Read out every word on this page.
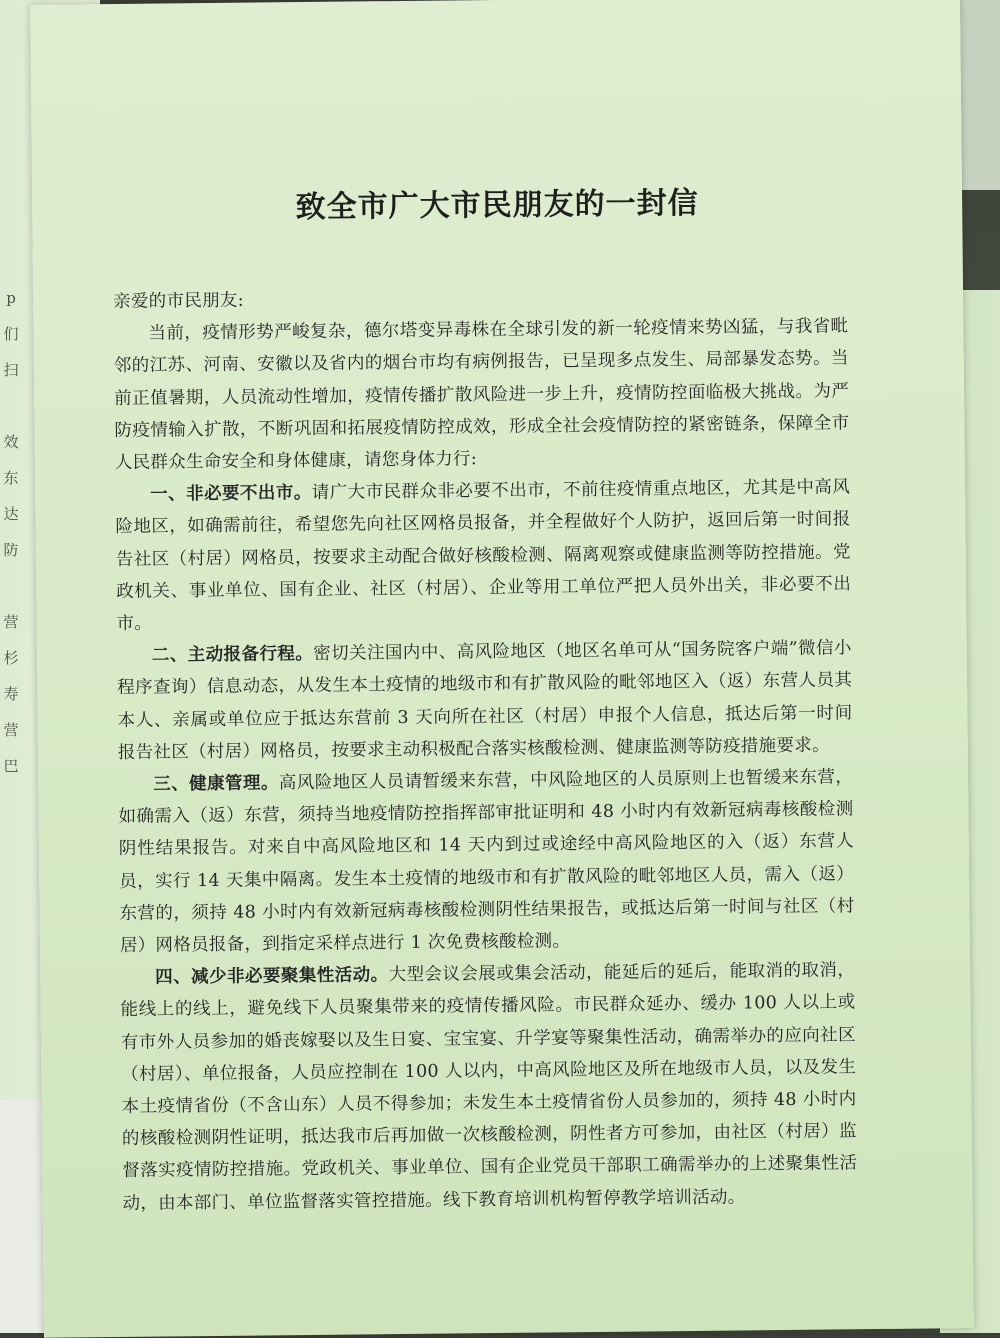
p
们
扫
效
东
达
防
营
杉
寿
营
巴
致全市广大市民朋友的一封信

亲爱的市民朋友:

当前，疫情形势严峻复杂，德尔塔变异毒株在全球引发的新一轮疫情来势凶猛，与我省毗邻的江苏、河南、安徽以及省内的烟台市均有病例报告，已呈现多点发生、局部暴发态势。当前正值暑期，人员流动性增加，疫情传播扩散风险进一步上升，疫情防控面临极大挑战。为严防疫情输入扩散，不断巩固和拓展疫情防控成效，形成全社会疫情防控的紧密链条，保障全市人民群众生命安全和身体健康，请您身体力行:

一、非必要不出市。请广大市民群众非必要不出市，不前往疫情重点地区，尤其是中高风险地区，如确需前往，希望您先向社区网格员报备，并全程做好个人防护，返回后第一时间报告社区（村居）网格员，按要求主动配合做好核酸检测、隔离观察或健康监测等防控措施。党政机关、事业单位、国有企业、社区（村居）、企业等用工单位严把人员外出关，非必要不出市。

二、主动报备行程。密切关注国内中、高风险地区（地区名单可从“国务院客户端”微信小程序查询）信息动态，从发生本土疫情的地级市和有扩散风险的毗邻地区入（返）东营人员其本人、亲属或单位应于抵达东营前 3 天向所在社区（村居）申报个人信息，抵达后第一时间报告社区（村居）网格员，按要求主动积极配合落实核酸检测、健康监测等防疫措施要求。

三、健康管理。高风险地区人员请暂缓来东营，中风险地区的人员原则上也暂缓来东营，如确需入（返）东营，须持当地疫情防控指挥部审批证明和 48 小时内有效新冠病毒核酸检测阴性结果报告。对来自中高风险地区和 14 天内到过或途经中高风险地区的入（返）东营人员，实行 14 天集中隔离。发生本土疫情的地级市和有扩散风险的毗邻地区人员，需入（返）东营的，须持 48 小时内有效新冠病毒核酸检测阴性结果报告，或抵达后第一时间与社区（村居）网格员报备，到指定采样点进行 1 次免费核酸检测。

四、减少非必要聚集性活动。大型会议会展或集会活动，能延后的延后，能取消的取消，能线上的线上，避免线下人员聚集带来的疫情传播风险。市民群众延办、缓办 100 人以上或有市外人员参加的婚丧嫁娶以及生日宴、宝宝宴、升学宴等聚集性活动，确需举办的应向社区（村居）、单位报备，人员应控制在 100 人以内，中高风险地区及所在地级市人员，以及发生本土疫情省份（不含山东）人员不得参加；未发生本土疫情省份人员参加的，须持 48 小时内的核酸检测阴性证明，抵达我市后再加做一次核酸检测，阴性者方可参加，由社区（村居）监督落实疫情防控措施。党政机关、事业单位、国有企业党员干部职工确需举办的上述聚集性活动，由本部门、单位监督落实管控措施。线下教育培训机构暂停教学培训活动。
